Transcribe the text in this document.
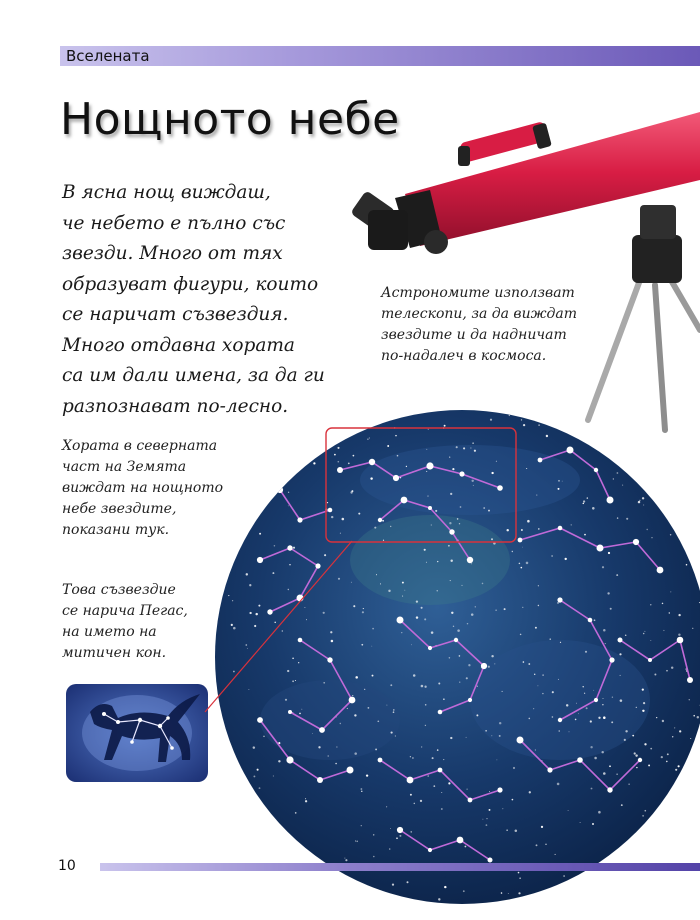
Вселената
Нощното небе
В ясна нощ виждаш,
че небето е пълно със
звезди. Много от тях
образуват фигури, които
се наричат съзвездия.
Много отдавна хората
са им дали имена, за да ги
разпознават по-лесно.
Астрономите използват
телескопи, за да виждат
звездите и да надничат
по-надалеч в космоса.
Хората в северната
част на Земята
виждат на нощното
небе звездите,
показани тук.
Това съзвездие
се нарича Пегас,
на името на
митичен кон.
10
